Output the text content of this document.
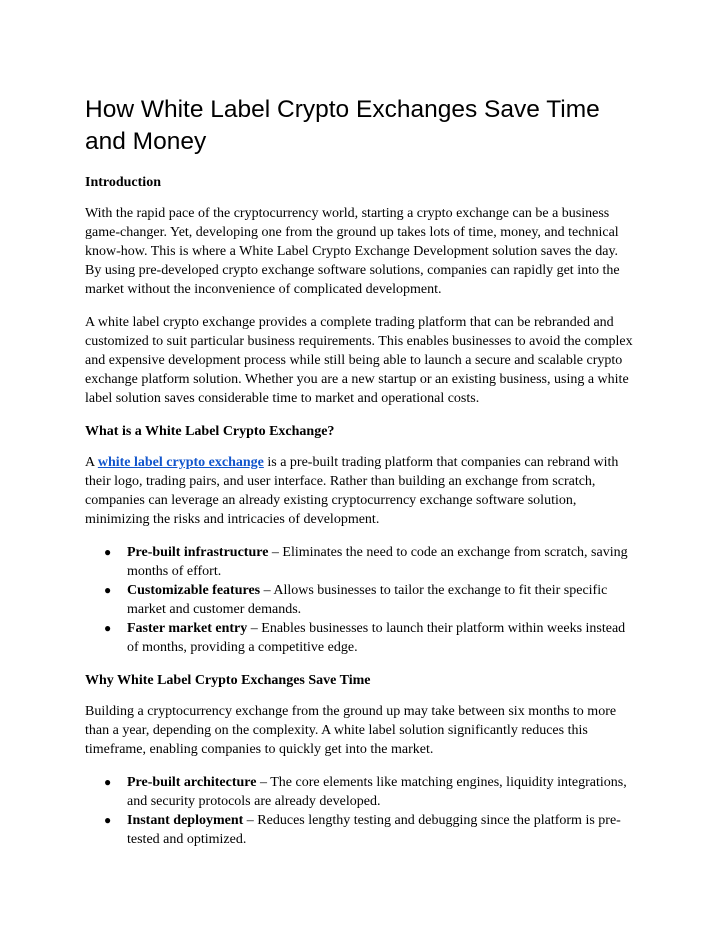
How White Label Crypto Exchanges Save Time and Money
Introduction

With the rapid pace of the cryptocurrency world, starting a crypto exchange can be a business game-changer. Yet, developing one from the ground up takes lots of time, money, and technical know-how. This is where a White Label Crypto Exchange Development solution saves the day. By using pre-developed crypto exchange software solutions, companies can rapidly get into the market without the inconvenience of complicated development.

A white label crypto exchange provides a complete trading platform that can be rebranded and customized to suit particular business requirements. This enables businesses to avoid the complex and expensive development process while still being able to launch a secure and scalable crypto exchange platform solution. Whether you are a new startup or an existing business, using a white label solution saves considerable time to market and operational costs.

What is a White Label Crypto Exchange?

A white label crypto exchange is a pre-built trading platform that companies can rebrand with their logo, trading pairs, and user interface. Rather than building an exchange from scratch, companies can leverage an already existing cryptocurrency exchange software solution, minimizing the risks and intricacies of development.

● Pre-built infrastructure – Eliminates the need to code an exchange from scratch, saving months of effort.
● Customizable features – Allows businesses to tailor the exchange to fit their specific market and customer demands.
● Faster market entry – Enables businesses to launch their platform within weeks instead of months, providing a competitive edge.
Why White Label Crypto Exchanges Save Time

Building a cryptocurrency exchange from the ground up may take between six months to more than a year, depending on the complexity. A white label solution significantly reduces this timeframe, enabling companies to quickly get into the market.

● Pre-built architecture – The core elements like matching engines, liquidity integrations, and security protocols are already developed.
● Instant deployment – Reduces lengthy testing and debugging since the platform is pre-tested and optimized.
